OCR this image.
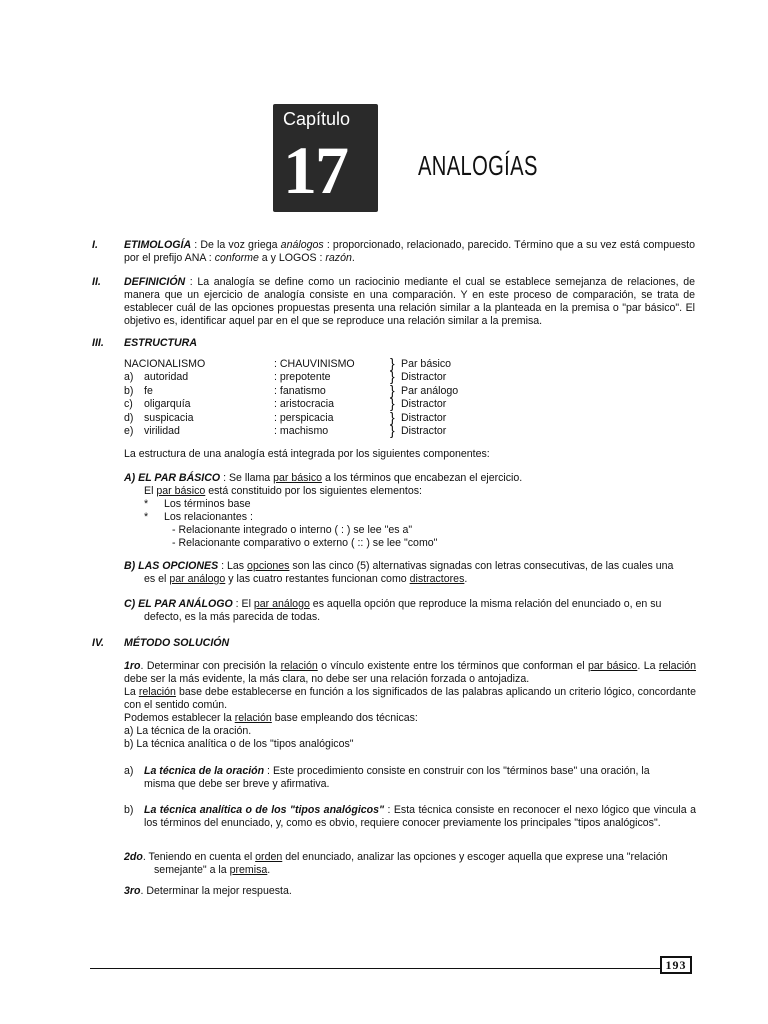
Capítulo
17	ANALOGÍAS
I. ETIMOLOGÍA : De la voz griega análogos : proporcionado, relacionado, parecido. Término que a su vez está compuesto por el prefijo ANA : conforme a y LOGOS : razón.
II. DEFINICIÓN : La analogía se define como un raciocinio mediante el cual se establece semejanza de relaciones, de manera que un ejercicio de analogía consiste en una comparación. Y en este proceso de comparación, se trata de establecer cuál de las opciones propuestas presenta una relación similar a la planteada en la premisa o "par básico". El objetivo es, identificar aquel par en el que se reproduce una relación similar a la premisa.
III. ESTRUCTURA
NACIONALISMO	: CHAUVINISMO	} Par básico
a) autoridad	: prepotente	} Distractor
b) fe	: fanatismo	} Par análogo
c) oligarquía	: aristocracia	} Distractor
d) suspicacia	: perspicacia	} Distractor
e) virilidad	: machismo	} Distractor
La estructura de una analogía está integrada por los siguientes componentes:
A) EL PAR BÁSICO : Se llama par básico a los términos que encabezan el ejercicio.
El par básico está constituido por los siguientes elementos:
* Los términos base
* Los relacionantes :
- Relacionante integrado o interno ( : ) se lee "es a"
- Relacionante comparativo o externo ( :: ) se lee "como"
B) LAS OPCIONES : Las opciones son las cinco (5) alternativas signadas con letras consecutivas, de las cuales una
es el par análogo y las cuatro restantes funcionan como distractores.
C) EL PAR ANÁLOGO : El par análogo es aquella opción que reproduce la misma relación del enunciado o, en su
defecto, es la más parecida de todas.
IV. MÉTODO SOLUCIÓN
1ro. Determinar con precisión la relación o vínculo existente entre los términos que conforman el par básico. La relación debe ser la más evidente, la más clara, no debe ser una relación forzada o antojadiza.
La relación base debe establecerse en función a los significados de las palabras aplicando un criterio lógico, concordante con el sentido común.
Podemos establecer la relación base empleando dos técnicas:
a) La técnica de la oración.
b) La técnica analítica o de los "tipos analógicos"
a) La técnica de la oración : Este procedimiento consiste en construir con los "términos base" una oración, la
misma que debe ser breve y afirmativa.
b) La técnica analítica o de los "tipos analógicos" : Esta técnica consiste en reconocer el nexo lógico que vincula a los términos del enunciado, y, como es obvio, requiere conocer previamente los principales "tipos analógicos".
2do. Teniendo en cuenta el orden del enunciado, analizar las opciones y escoger aquella que exprese una "relación
semejante" a la premisa.
3ro. Determinar la mejor respuesta.
193
